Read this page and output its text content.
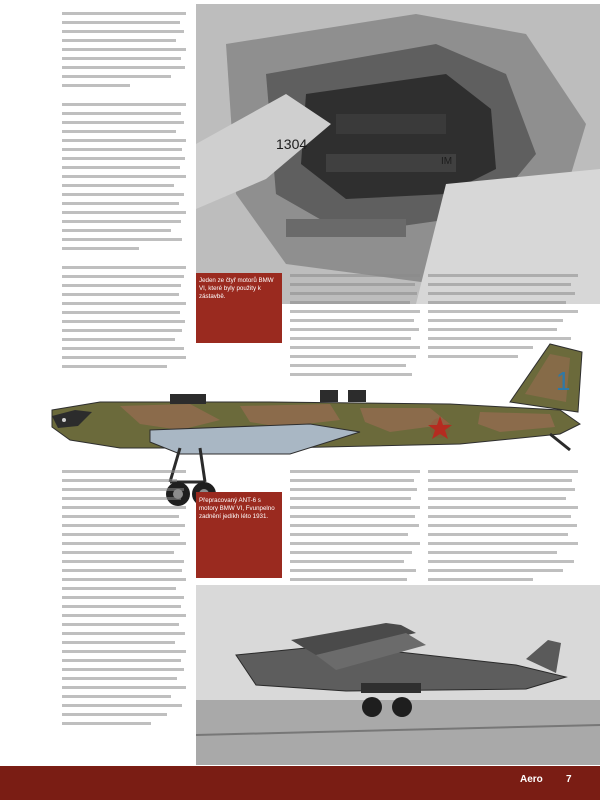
1304
IM
Jeden ze čtyř motorů BMW VI, které byly použity k zástavbě.
TB-3 4M-17, 290, pluk Dálkového letectva léto 1942
1
Přepracovaný ANT-6 s motory BMW VI, Fvunpelno zadnění jedíkh léto 1931.
Aero 7
